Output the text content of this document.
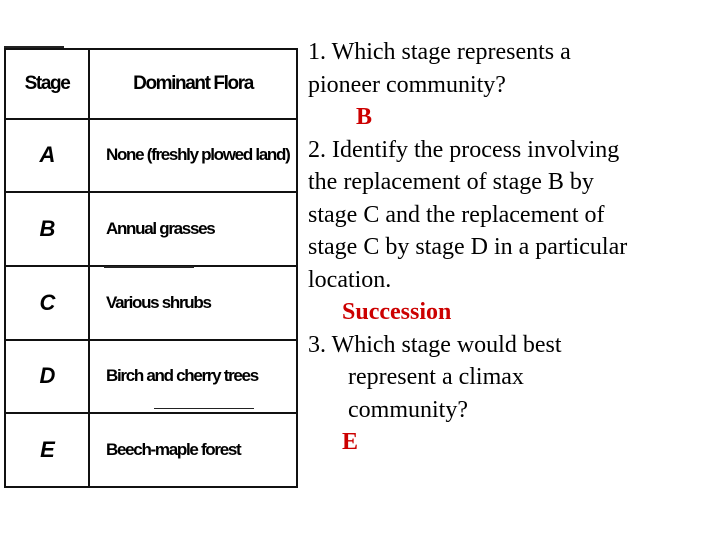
Stage	Dominant Flora
A	None (freshly plowed land)
B	Annual grasses
C	Various shrubs
D	Birch and cherry trees
E	Beech-maple forest

1. Which stage represents a

pioneer community?

B

2. Identify the process involving

the replacement of stage B by

stage C and the replacement of

stage C by stage D in a particular

location.

Succession

3. Which stage would best

represent a climax

community?

E
